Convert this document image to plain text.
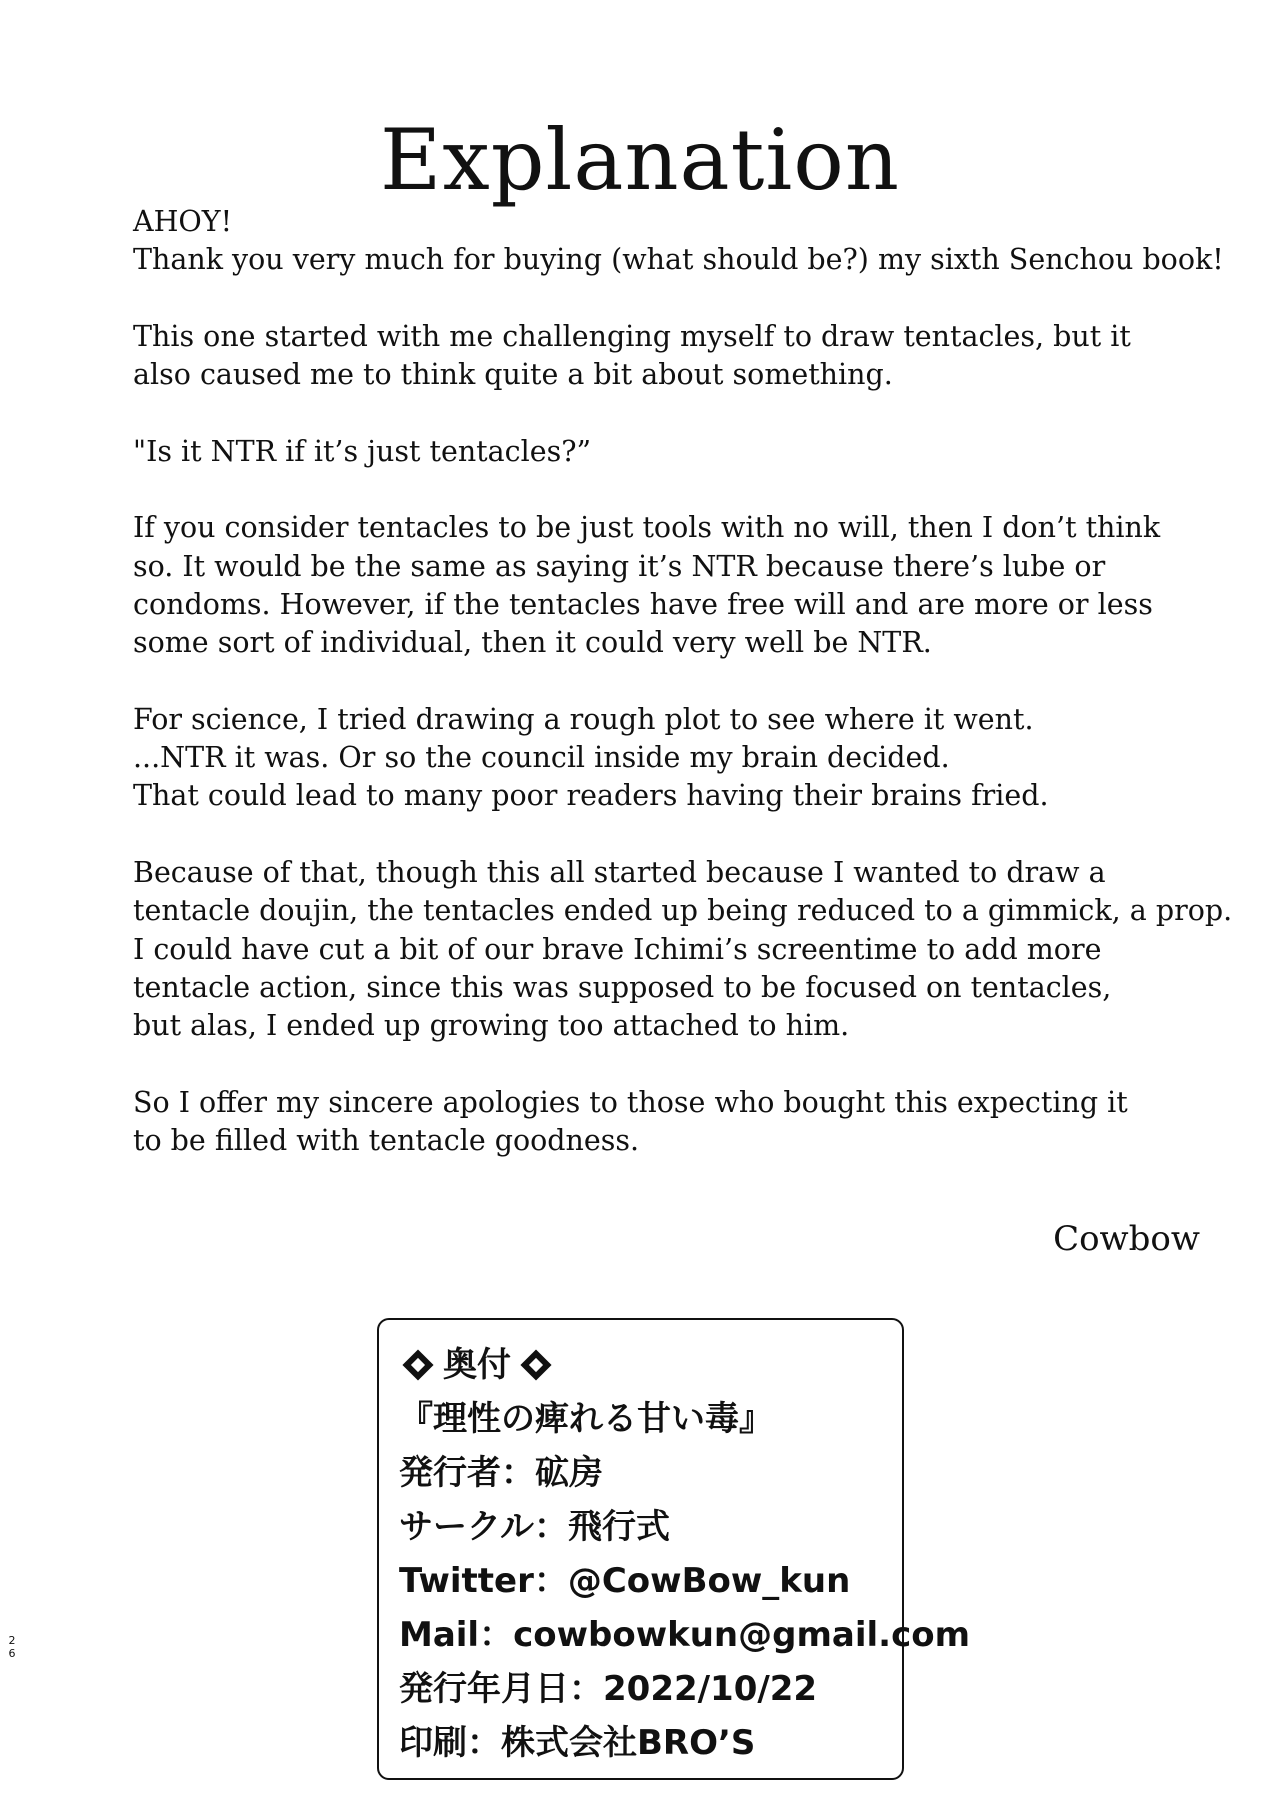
Explanation

AHOY!
Thank you very much for buying (what should be?) my sixth Senchou book!

This one started with me challenging myself to draw tentacles, but it
also caused me to think quite a bit about something.

"Is it NTR if it’s just tentacles?”

If you consider tentacles to be just tools with no will, then I don’t think
so. It would be the same as saying it’s NTR because there’s lube or
condoms. However, if the tentacles have free will and are more or less
some sort of individual, then it could very well be NTR.

For science, I tried drawing a rough plot to see where it went.
...NTR it was. Or so the council inside my brain decided.
That could lead to many poor readers having their brains fried.

Because of that, though this all started because I wanted to draw a
tentacle doujin, the tentacles ended up being reduced to a gimmick, a prop.
I could have cut a bit of our brave Ichimi’s screentime to add more
tentacle action, since this was supposed to be focused on tentacles,
but alas, I ended up growing too attached to him.

So I offer my sincere apologies to those who bought this expecting it
to be filled with tentacle goodness.

Cowbow
奥付
『理性の痺れる甘い毒』
発行者：砿房
サークル：飛行式
Twitter：@CowBow_kun
Mail：cowbowkun@gmail.com
発行年月日：2022/10/22
印刷：株式会社BRO’S
2
6
